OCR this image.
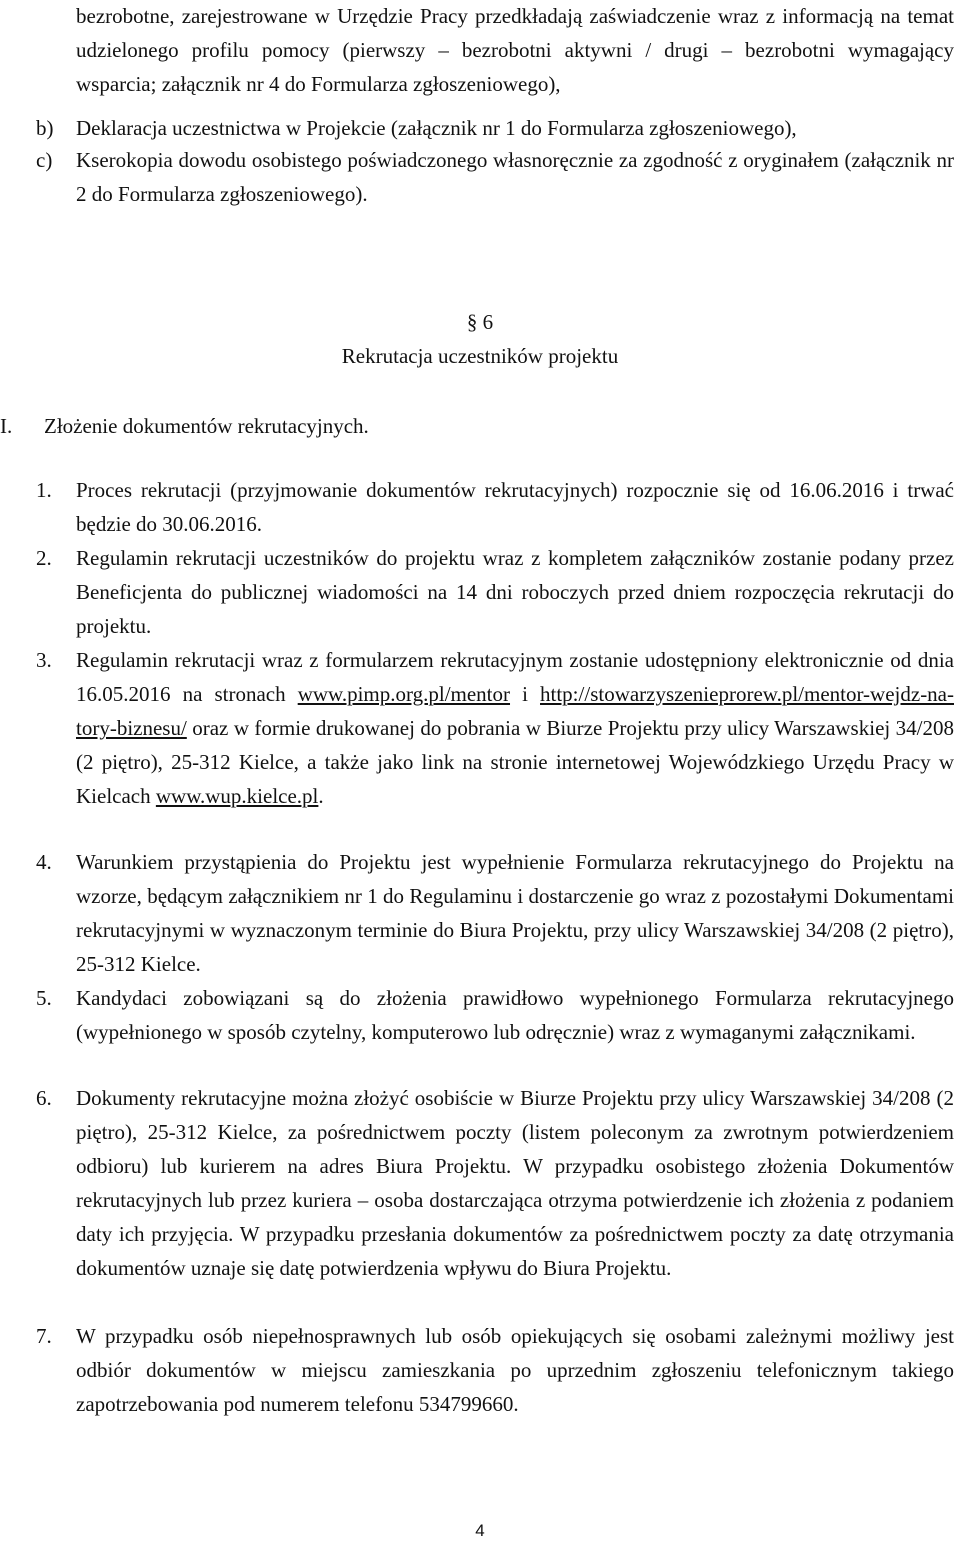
bezrobotne, zarejestrowane w Urzędzie Pracy przedkładają zaświadczenie wraz z informacją na temat udzielonego profilu pomocy (pierwszy – bezrobotni aktywni / drugi – bezrobotni wymagający wsparcia; załącznik nr 4 do Formularza zgłoszeniowego),
b) Deklaracja uczestnictwa w Projekcie (załącznik nr 1 do Formularza zgłoszeniowego),
c) Kserokopia dowodu osobistego poświadczonego własnoręcznie za zgodność z oryginałem (załącznik nr 2 do Formularza zgłoszeniowego).
§ 6
Rekrutacja uczestników projektu
I. Złożenie dokumentów rekrutacyjnych.
1. Proces rekrutacji (przyjmowanie dokumentów rekrutacyjnych) rozpocznie się od 16.06.2016 i trwać będzie do 30.06.2016.
2. Regulamin rekrutacji uczestników do projektu wraz z kompletem załączników zostanie podany przez Beneficjenta do publicznej wiadomości na 14 dni roboczych przed dniem rozpoczęcia rekrutacji do projektu.
3. Regulamin rekrutacji wraz z formularzem rekrutacyjnym zostanie udostępniony elektronicznie od dnia 16.05.2016 na stronach www.pimp.org.pl/mentor i http://stowarzyszenieprorew.pl/mentor-wejdz-na-tory-biznesu/ oraz w formie drukowanej do pobrania w Biurze Projektu przy ulicy Warszawskiej 34/208 (2 piętro), 25-312 Kielce, a także jako link na stronie internetowej Wojewódzkiego Urzędu Pracy w Kielcach www.wup.kielce.pl.
4. Warunkiem przystąpienia do Projektu jest wypełnienie Formularza rekrutacyjnego do Projektu na wzorze, będącym załącznikiem nr 1 do Regulaminu i dostarczenie go wraz z pozostałymi Dokumentami rekrutacyjnymi w wyznaczonym terminie do Biura Projektu, przy ulicy Warszawskiej 34/208 (2 piętro), 25-312 Kielce.
5. Kandydaci zobowiązani są do złożenia prawidłowo wypełnionego Formularza rekrutacyjnego (wypełnionego w sposób czytelny, komputerowo lub odręcznie) wraz z wymaganymi załącznikami.
6. Dokumenty rekrutacyjne można złożyć osobiście w Biurze Projektu przy ulicy Warszawskiej 34/208 (2 piętro), 25-312 Kielce, za pośrednictwem poczty (listem poleconym za zwrotnym potwierdzeniem odbioru) lub kurierem na adres Biura Projektu. W przypadku osobistego złożenia Dokumentów rekrutacyjnych lub przez kuriera – osoba dostarczająca otrzyma potwierdzenie ich złożenia z podaniem daty ich przyjęcia. W przypadku przesłania dokumentów za pośrednictwem poczty za datę otrzymania dokumentów uznaje się datę potwierdzenia wpływu do Biura Projektu.
7. W przypadku osób niepełnosprawnych lub osób opiekujących się osobami zależnymi możliwy jest odbiór dokumentów w miejscu zamieszkania po uprzednim zgłoszeniu telefonicznym takiego zapotrzebowania pod numerem telefonu 534799660.
4
